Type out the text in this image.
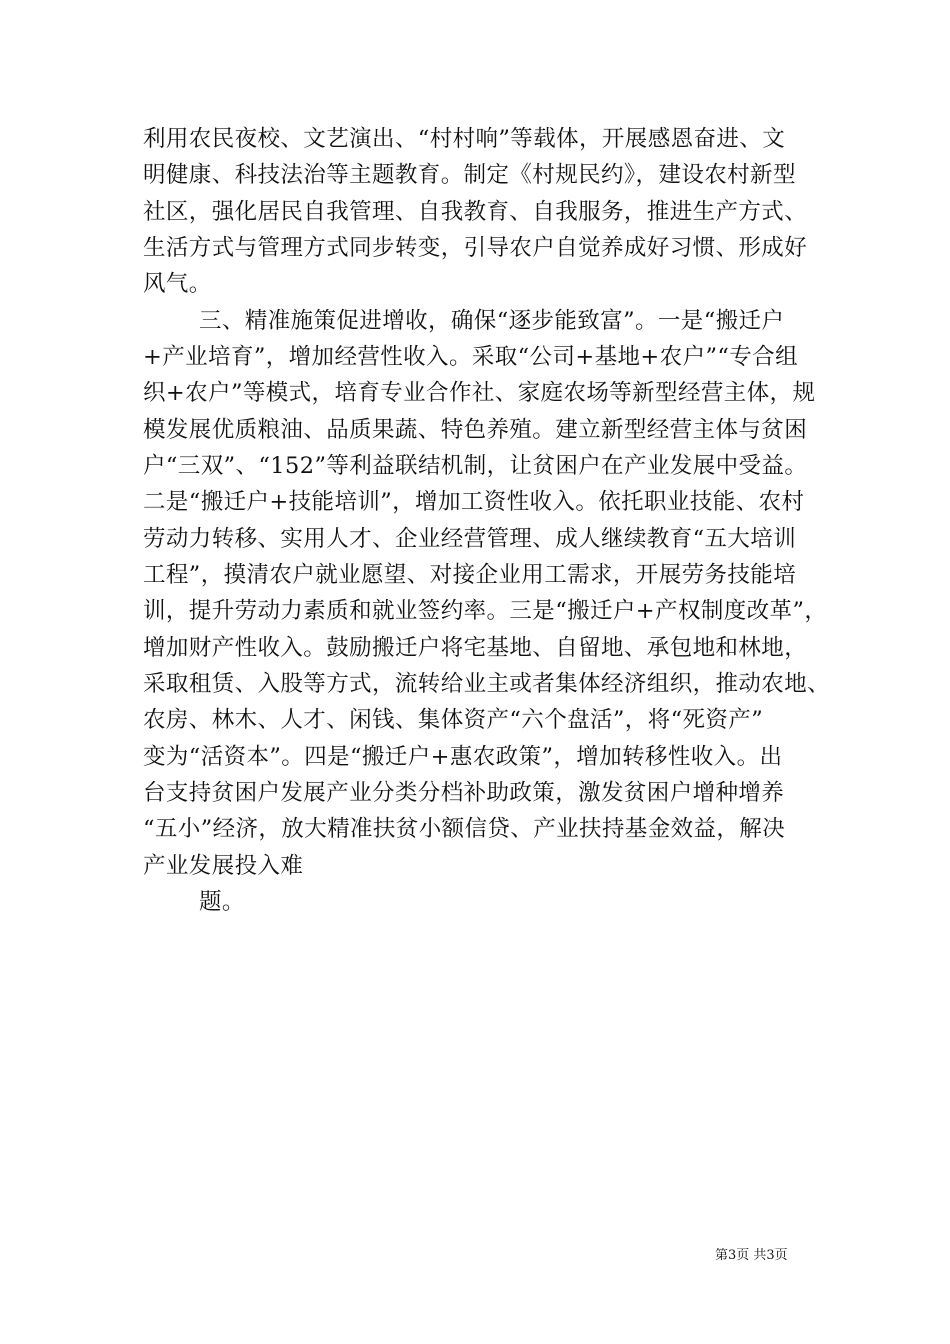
利用农民夜校、文艺演出、“村村响”等载体，开展感恩奋进、文
明健康、科技法治等主题教育。制定《村规民约》，建设农村新型
社区，强化居民自我管理、自我教育、自我服务，推进生产方式、
生活方式与管理方式同步转变，引导农户自觉养成好习惯、形成好
风气。
三、精准施策促进增收，确保“逐步能致富”。一是“搬迁户
+产业培育”，增加经营性收入。采取“公司+基地+农户”“专合组
织+农户”等模式，培育专业合作社、家庭农场等新型经营主体，规
模发展优质粮油、品质果蔬、特色养殖。建立新型经营主体与贫困
户“三双”、“152”等利益联结机制，让贫困户在产业发展中受益。
二是“搬迁户+技能培训”，增加工资性收入。依托职业技能、农村
劳动力转移、实用人才、企业经营管理、成人继续教育“五大培训
工程”，摸清农户就业愿望、对接企业用工需求，开展劳务技能培
训，提升劳动力素质和就业签约率。三是“搬迁户+产权制度改革”，
增加财产性收入。鼓励搬迁户将宅基地、自留地、承包地和林地，
采取租赁、入股等方式，流转给业主或者集体经济组织，推动农地、
农房、林木、人才、闲钱、集体资产“六个盘活”，将“死资产”
变为“活资本”。四是“搬迁户+惠农政策”，增加转移性收入。出
台支持贫困户发展产业分类分档补助政策，激发贫困户增种增养
“五小”经济，放大精准扶贫小额信贷、产业扶持基金效益，解决
产业发展投入难
题。
第3页 共3页
